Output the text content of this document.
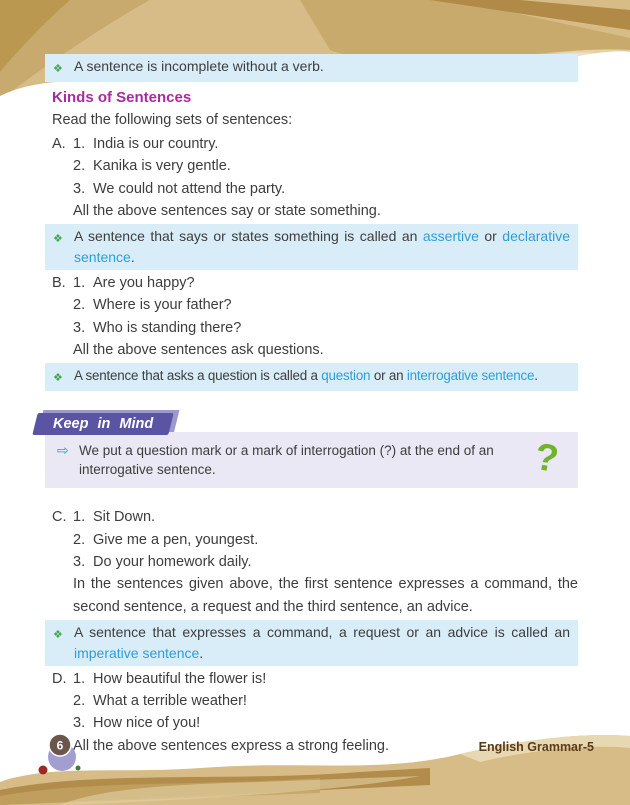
❖ A sentence is incomplete without a verb.
Kinds of Sentences

Read the following sets of sentences:

A. 1. India is our country.
2. Kanika is very gentle.
3. We could not attend the party.
All the above sentences say or state something.
❖ A sentence that says or states something is called an assertive or declarative sentence.
B. 1. Are you happy?
2. Where is your father?
3. Who is standing there?
All the above sentences ask questions.
❖ A sentence that asks a question is called a question or an interrogative sentence.
Keep in Mind
⇨ We put a question mark or a mark of interrogation (?) at the end of an interrogative sentence.	?
C. 1. Sit Down.
2. Give me a pen, youngest.
3. Do your homework daily.
In the sentences given above, the first sentence expresses a command, the second sentence, a request and the third sentence, an advice.
❖ A sentence that expresses a command, a request or an advice is called an imperative sentence.
D. 1. How beautiful the flower is!
2. What a terrible weather!
3. How nice of you!
All the above sentences express a strong feeling.
6	English Grammar-5
